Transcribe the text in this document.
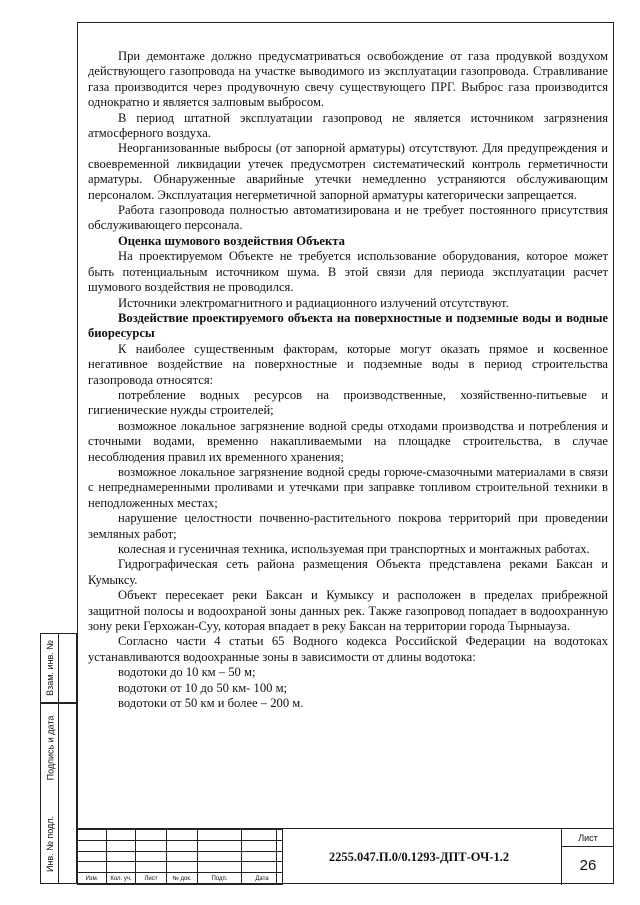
При демонтаже должно предусматриваться освобождение от газа продувкой воздухом действующего газопровода на участке выводимого из эксплуатации газопровода. Стравливание газа производится через продувочную свечу существующего ПРГ. Выброс газа производится однократно и является залповым выбросом.

В период штатной эксплуатации газопровод не является источником загрязнения атмосферного воздуха.

Неорганизованные выбросы (от запорной арматуры) отсутствуют. Для предупреждения и своевременной ликвидации утечек предусмотрен систематический контроль герметичности арматуры. Обнаруженные аварийные утечки немедленно устраняются обслуживающим персоналом. Эксплуатация негерметичной запорной арматуры категорически запрещается.

Работа газопровода полностью автоматизирована и не требует постоянного присутствия обслуживающего персонала.

Оценка шумового воздействия Объекта

На проектируемом Объекте не требуется использование оборудования, которое может быть потенциальным источником шума. В этой связи для периода эксплуатации расчет шумового воздействия не проводился.

Источники электромагнитного и радиационного излучений отсутствуют.

Воздействие проектируемого объекта на поверхностные и подземные воды и водные биоресурсы

К наиболее существенным факторам, которые могут оказать прямое и косвенное негативное воздействие на поверхностные и подземные воды в период строительства газопровода относятся:

потребление водных ресурсов на производственные, хозяйственно-питьевые и гигиенические нужды строителей;

возможное локальное загрязнение водной среды отходами производства и потребления и сточными водами, временно накапливаемыми на площадке строительства, в случае несоблюдения правил их временного хранения;

возможное локальное загрязнение водной среды горюче-смазочными материалами в связи с непреднамеренными проливами и утечками при заправке топливом строительной техники в неподложенных местах;

нарушение целостности почвенно-растительного покрова территорий при проведении земляных работ;

колесная и гусеничная техника, используемая при транспортных и монтажных работах.

Гидрографическая сеть района размещения Объекта представлена реками Баксан и Кумыксу.

Объект пересекает реки Баксан и Кумыксу и расположен в пределах прибрежной защитной полосы и водоохраной зоны данных рек. Также газопровод попадает в водоохранную зону реки Герхожан-Суу, которая впадает в реку Баксан на территории города Тырныауза.

Согласно части 4 статьи 65 Водного кодекса Российской Федерации на водотоках устанавливаются водоохранные зоны в зависимости от длины водотока:

водотоки до 10 км – 50 м;

водотоки от 10 до 50 км- 100 м;

водотоки от 50 км и более – 200 м.

Взам. инв. №
Инв. № подл.
Подпись и дата

Изм.	Кол. уч.	Лист	№ док.	Подп.	Дата
2255.047.П.0/0.1293-ДПТ-ОЧ-1.2
Лист
26
